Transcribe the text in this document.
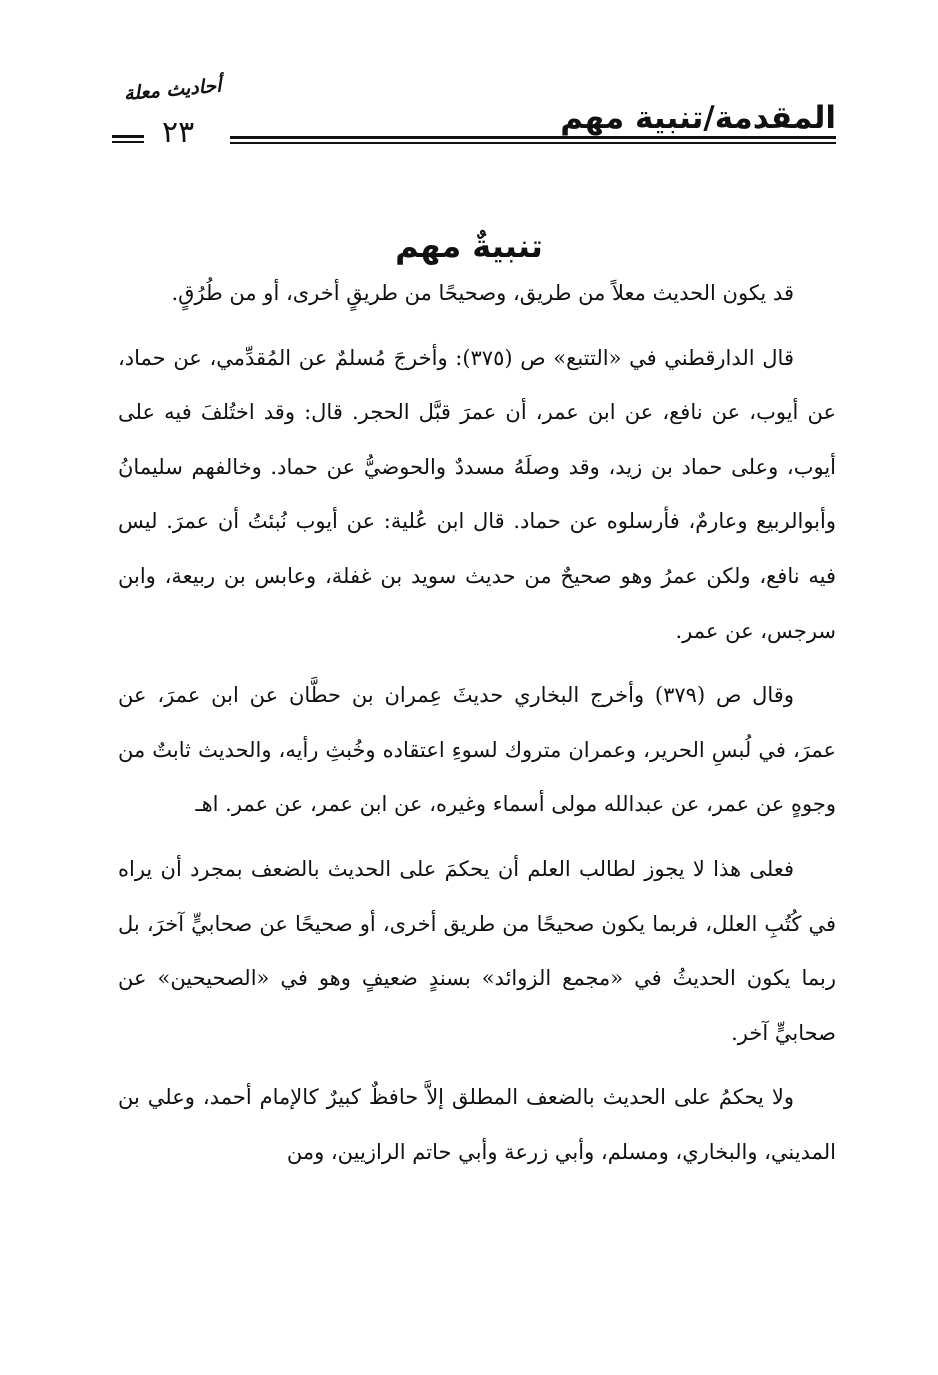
أحاديث معلة
٢٣	المقدمة/تنبية مهم
تنبيةٌ مهم

قد يكون الحديث معلاً من طريق، وصحيحًا من طريقٍ أخرى، أو من طُرُقٍ.

قال الدارقطني في «التتبع» ص (٣٧٥): وأخرجَ مُسلمٌ عن المُقدِّمي، عن حماد، عن أيوب، عن نافع، عن ابن عمر، أن عمرَ قبَّل الحجر. قال: وقد اختُلفَ فيه على أيوب، وعلى حماد بن زيد، وقد وصلَهُ مسددٌ والحوضيُّ عن حماد. وخالفهم سليمانُ وأبوالربيع وعارمٌ، فأرسلوه عن حماد. قال ابن عُلية: عن أيوب نُبئتُ أن عمرَ. ليس فيه نافع، ولكن عمرُ وهو صحيحٌ من حديث سويد بن غفلة، وعابس بن ربيعة، وابن سرجس، عن عمر.

وقال ص (٣٧٩) وأخرج البخاري حديثَ عِمران بن حطَّان عن ابن عمرَ، عن عمرَ، في لُبسِ الحرير، وعمران متروك لسوءِ اعتقاده وخُبثِ رأيه، والحديث ثابتٌ من وجوهٍ عن عمر، عن عبدالله مولى أسماء وغيره، عن ابن عمر، عن عمر. اهـ

فعلى هذا لا يجوز لطالب العلم أن يحكمَ على الحديث بالضعف بمجرد أن يراه في كُتُبِ العلل، فربما يكون صحيحًا من طريق أخرى، أو صحيحًا عن صحابيٍّ آخرَ، بل ربما يكون الحديثُ في «مجمع الزوائد» بسندٍ ضعيفٍ وهو في «الصحيحين» عن صحابيٍّ آخر.

ولا يحكمُ على الحديث بالضعف المطلق إلاَّ حافظٌ كبيرٌ كالإمام أحمد، وعلي بن المديني، والبخاري، ومسلم، وأبي زرعة وأبي حاتم الرازيين، ومن
